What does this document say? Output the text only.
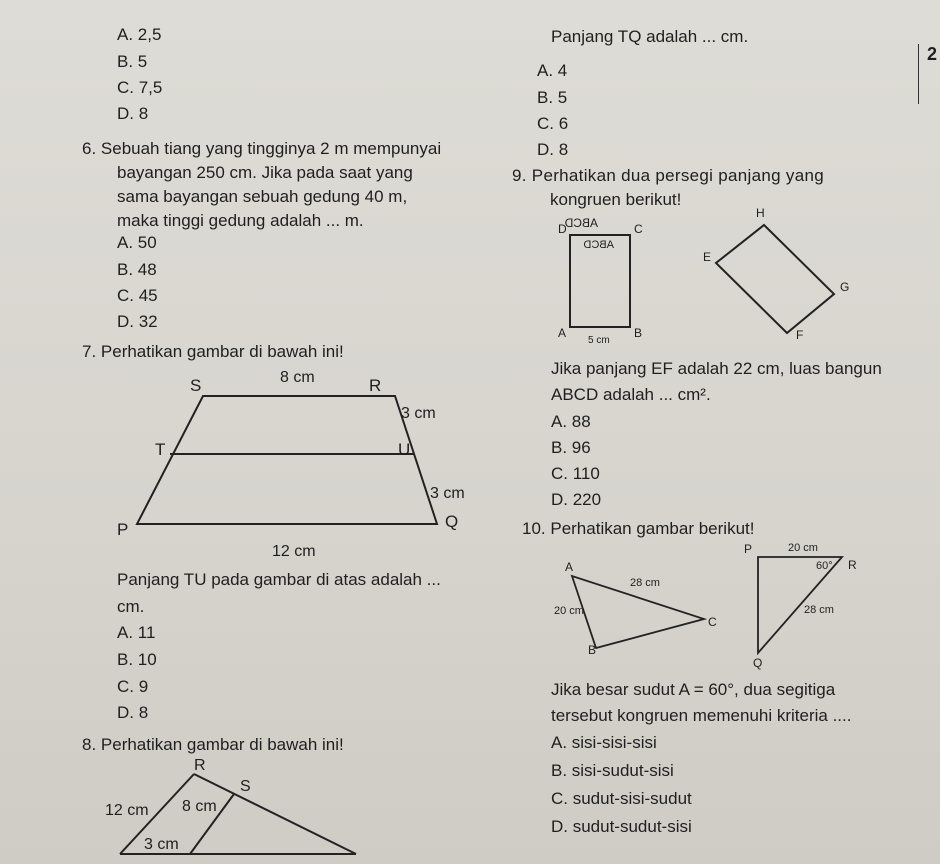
2
A. 2,5
B. 5
C. 7,5
D. 8
6. Sebuah tiang yang tingginya 2 m mempunyai
bayangan 250 cm. Jika pada saat yang
sama bayangan sebuah gedung 40 m,
maka tinggi gedung adalah ... m.
A. 50
B. 48
C. 45
D. 32
7. Perhatikan gambar di bawah ini!
S	R
T	U
P	Q
8 cm
3 cm
3 cm
12 cm
Panjang TU pada gambar di atas adalah ...
cm.
A. 11
B. 10
C. 9
D. 8
8. Perhatikan gambar di bawah ini!
R
S
12 cm 8 cm
3 cm
Panjang TQ adalah ... cm.
A. 4
B. 5
C. 6
D. 8
9. Perhatikan dua persegi panjang yang
kongruen berikut!
ABCD
ABCD
D	C
A	B
5 cm
H
E
G
F
Jika panjang EF adalah 22 cm, luas bangun
ABCD adalah ... cm².
A. 88
B. 96
C. 110
D. 220
10. Perhatikan gambar berikut!
A
B
C
20 cm
28 cm
P
R
Q
20 cm
60°
28 cm
Jika besar sudut A = 60°, dua segitiga
tersebut kongruen memenuhi kriteria ....
A. sisi-sisi-sisi
B. sisi-sudut-sisi
C. sudut-sisi-sudut
D. sudut-sudut-sisi
